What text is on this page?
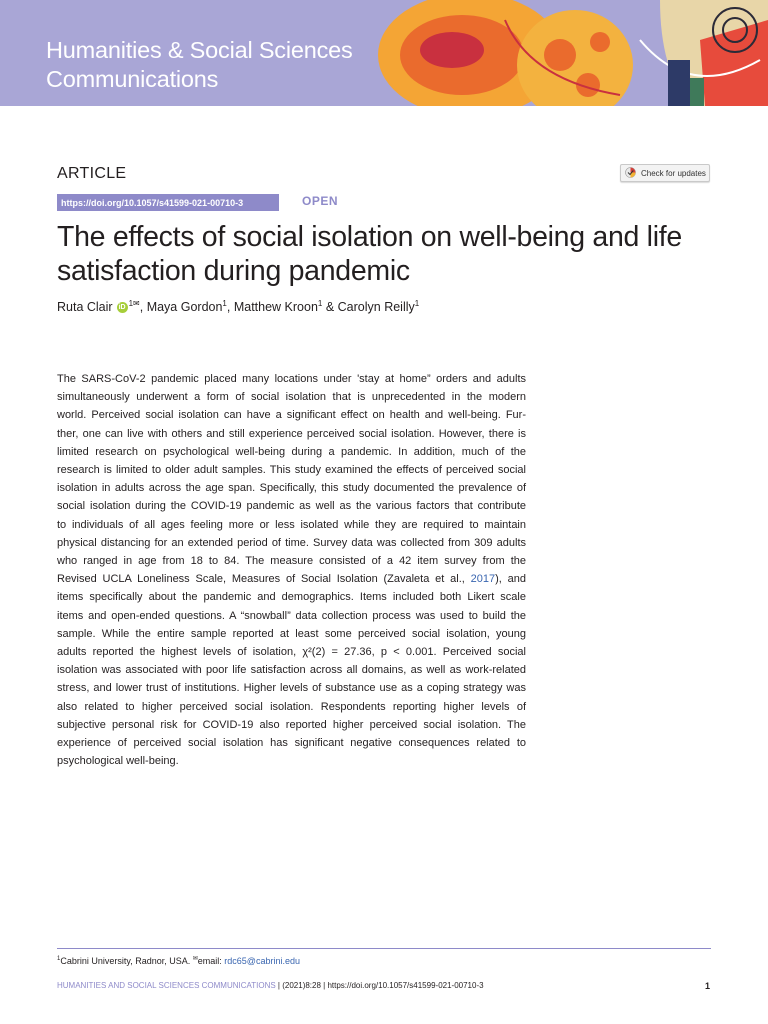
Humanities & Social Sciences
Communications
ARTICLE	Check for updates
https://doi.org/10.1057/s41599-021-00710-3	OPEN
The effects of social isolation on well-being and life
satisfaction during pandemic
Ruta Clair iD $^{1✉}$, Maya Gordon$^1$, Matthew Kroon$^1$ & Carolyn Reilly$^1$
The SARS-CoV-2 pandemic placed many locations under 'stay at home” orders and adults
simultaneously underwent a form of social isolation that is unprecedented in the modern
world. Perceived social isolation can have a significant effect on health and well-being. Fur-
ther, one can live with others and still experience perceived social isolation. However, there is
limited research on psychological well-being during a pandemic. In addition, much of the
research is limited to older adult samples. This study examined the effects of perceived social
isolation in adults across the age span. Specifically, this study documented the prevalence of
social isolation during the COVID-19 pandemic as well as the various factors that contribute
to individuals of all ages feeling more or less isolated while they are required to maintain
physical distancing for an extended period of time. Survey data was collected from 309 adults
who ranged in age from 18 to 84. The measure consisted of a 42 item survey from the
Revised UCLA Loneliness Scale, Measures of Social Isolation (Zavaleta et al., 2017), and
items specifically about the pandemic and demographics. Items included both Likert scale
items and open-ended questions. A “snowball” data collection process was used to build the
sample. While the entire sample reported at least some perceived social isolation, young
adults reported the highest levels of isolation, χ²(2) = 27.36, p < 0.001. Perceived social
isolation was associated with poor life satisfaction across all domains, as well as work-related
stress, and lower trust of institutions. Higher levels of substance use as a coping strategy was
also related to higher perceived social isolation. Respondents reporting higher levels of
subjective personal risk for COVID-19 also reported higher perceived social isolation. The
experience of perceived social isolation has significant negative consequences related to
psychological well-being.
$^1$Cabrini University, Radnor, USA. ✉email: rdc65@cabrini.edu
HUMANITIES AND SOCIAL SCIENCES COMMUNICATIONS | (2021)8:28 | https://doi.org/10.1057/s41599-021-00710-3	1
